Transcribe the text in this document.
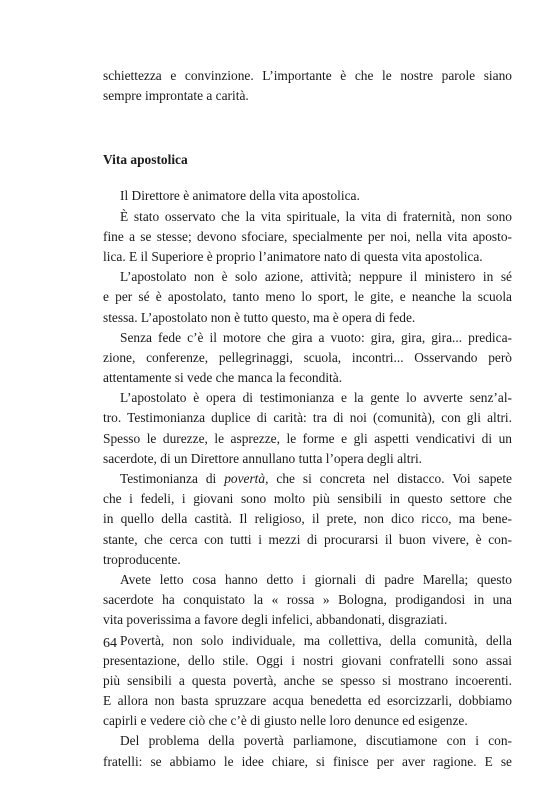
schiettezza e convinzione. L’importante è che le nostre parole siano
sempre improntate a carità.
Vita apostolica
Il Direttore è animatore della vita apostolica.
È stato osservato che la vita spirituale, la vita di fraternità, non sono
fine a se stesse; devono sfociare, specialmente per noi, nella vita aposto-
lica. E il Superiore è proprio l’animatore nato di questa vita apostolica.
L’apostolato non è solo azione, attività; neppure il ministero in sé
e per sé è apostolato, tanto meno lo sport, le gite, e neanche la scuola
stessa. L’apostolato non è tutto questo, ma è opera di fede.
Senza fede c’è il motore che gira a vuoto: gira, gira, gira... predica-
zione, conferenze, pellegrinaggi, scuola, incontri... Osservando però
attentamente si vede che manca la fecondità.
L’apostolato è opera di testimonianza e la gente lo avverte senz’al-
tro. Testimonianza duplice di carità: tra di noi (comunità), con gli altri.
Spesso le durezze, le asprezze, le forme e gli aspetti vendicativi di un
sacerdote, di un Direttore annullano tutta l’opera degli altri.
Testimonianza di povertà, che si concreta nel distacco. Voi sapete
che i fedeli, i giovani sono molto più sensibili in questo settore che
in quello della castità. Il religioso, il prete, non dico ricco, ma bene-
stante, che cerca con tutti i mezzi di procurarsi il buon vivere, è con-
troproducente.
Avete letto cosa hanno detto i giornali di padre Marella; questo
sacerdote ha conquistato la « rossa » Bologna, prodigandosi in una
vita poverissima a favore degli infelici, abbandonati, disgraziati.
Povertà, non solo individuale, ma collettiva, della comunità, della
presentazione, dello stile. Oggi i nostri giovani confratelli sono assai
più sensibili a questa povertà, anche se spesso si mostrano incoerenti.
E allora non basta spruzzare acqua benedetta ed esorcizzarli, dobbiamo
capirli e vedere ciò che c’è di giusto nelle loro denunce ed esigenze.
Del problema della povertà parliamone, discutiamone con i con-
fratelli: se abbiamo le idee chiare, si finisce per aver ragione. E se
64
